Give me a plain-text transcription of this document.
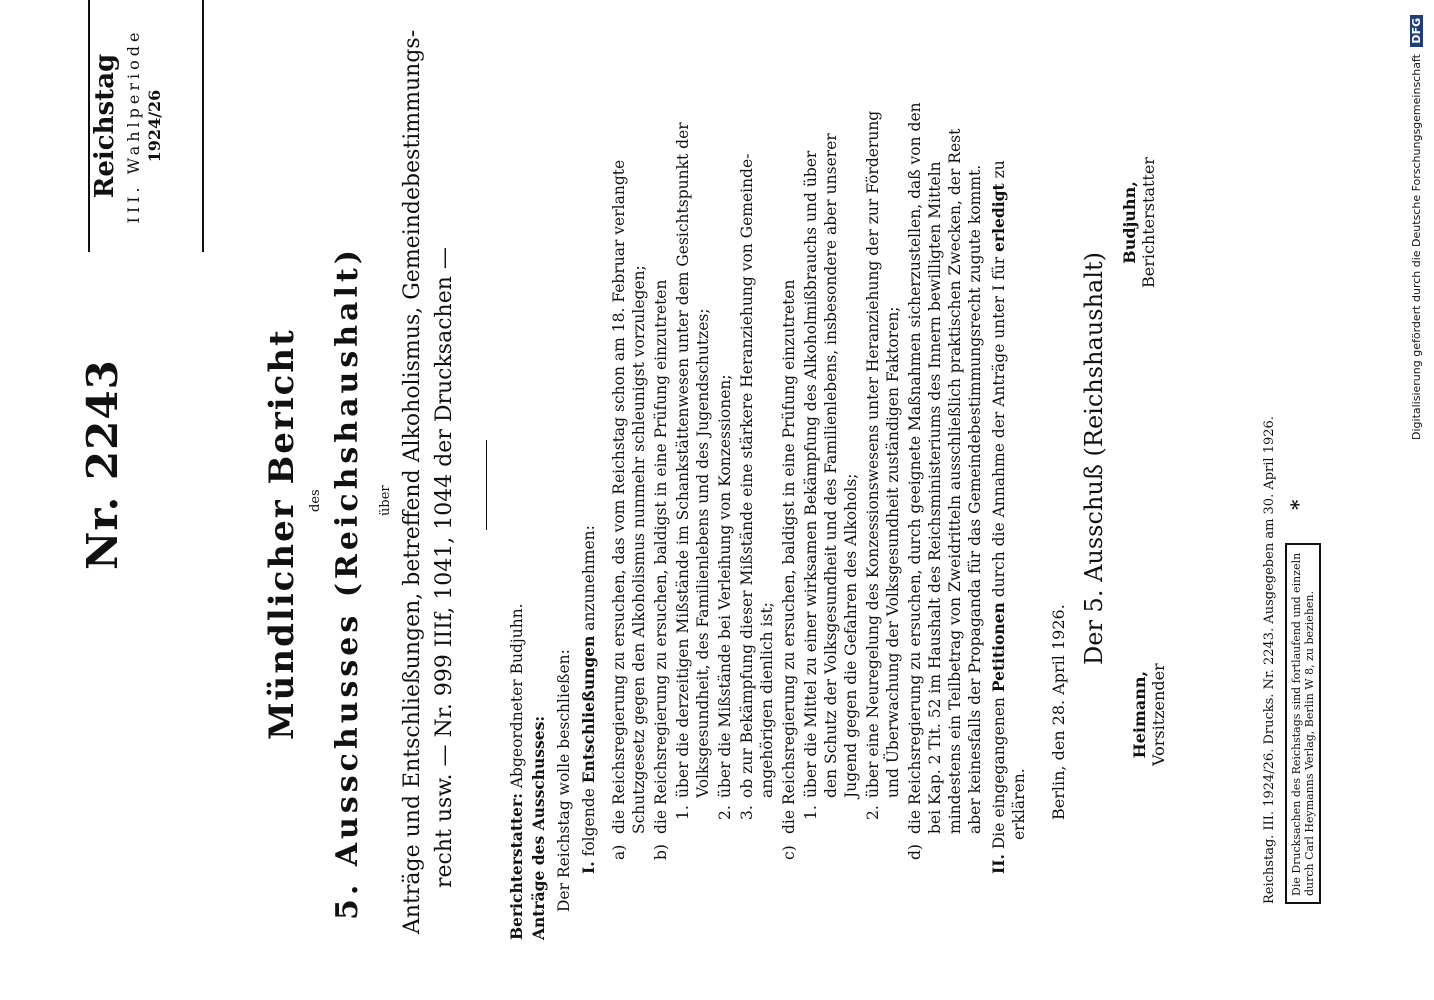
Nr. 2243
Reichstag III. Wahlperiode 1924/26
Mündlicher Bericht des 5. Ausschusses (Reichshaushalt) über Anträge und Entschließungen, betreffend Alkoholismus, Gemeindebestimmungs- recht usw. — Nr. 999 IIIf, 1041, 1044 der Drucksachen —	Berichterstatter: Abgeordneter Budjuhn.
Anträge des Ausschusses: Der Reichstag wolle beschließen: I. folgende Entschließungen anzunehmen:
a)
die Reichsregierung zu ersuchen, das vom Reichstag schon am 18. Februar verlangte Schutzgesetz gegen den Alkoholismus nunmehr schleunigst vorzulegen;
b)
die Reichsregierung zu ersuchen, baldigst in eine Prüfung einzutreten 1.
über die derzeitigen Mißstände im Schankstättenwesen unter dem Gesichtspunkt der Volksgesundheit, des Familienlebens und des Jugendschutzes;
2.
über die Mißstände bei Verleihung von Konzessionen;
3.
ob zur Bekämpfung dieser Mißstände eine stärkere Heranziehung von Gemeinde- angehörigen dienlich ist;
c)
die Reichsregierung zu ersuchen, baldigst in eine Prüfung einzutreten 1.
über die Mittel zu einer wirksamen Bekämpfung des Alkoholmißbrauchs und über den Schutz der Volksgesundheit und des Familienlebens, insbesondere aber unserer Jugend gegen die Gefahren des Alkohols;
2.
über eine Neuregelung des Konzessionswesens unter Heranziehung der zur Förderung und Überwachung der Volksgesundheit zuständigen Faktoren;
d)
die Reichsregierung zu ersuchen, durch geeignete Maßnahmen sicherzustellen, daß von den bei Kap. 2 Tit. 52 im Haushalt des Reichsministeriums des Innern bewilligten Mitteln mindestens ein Teilbetrag von Zweidritteln ausschließlich praktischen Zwecken, der Rest aber keinesfalls der Propaganda für das Gemeindebestimmungsrecht zugute kommt.
II. Die eingegangenen Petitionen durch die Annahme der Anträge unter I für erledigt zu
erklären. Berlin, den 28. April 1926.
Der 5. Ausschuß (Reichshaushalt)
Heimann, Vorsitzender
Budjuhn, Berichterstatter
Reichstag. III. 1924/26. Drucks. Nr. 2243. Ausgegeben am 30. April 1926.	Die Drucksachen des Reichstags sind fortlaufend und einzeln durch Carl Heymanns Verlag, Berlin W 8, zu beziehen.
*
Digitalisierung gefördert durch die Deutsche Forschungsgemeinschaft DFG
